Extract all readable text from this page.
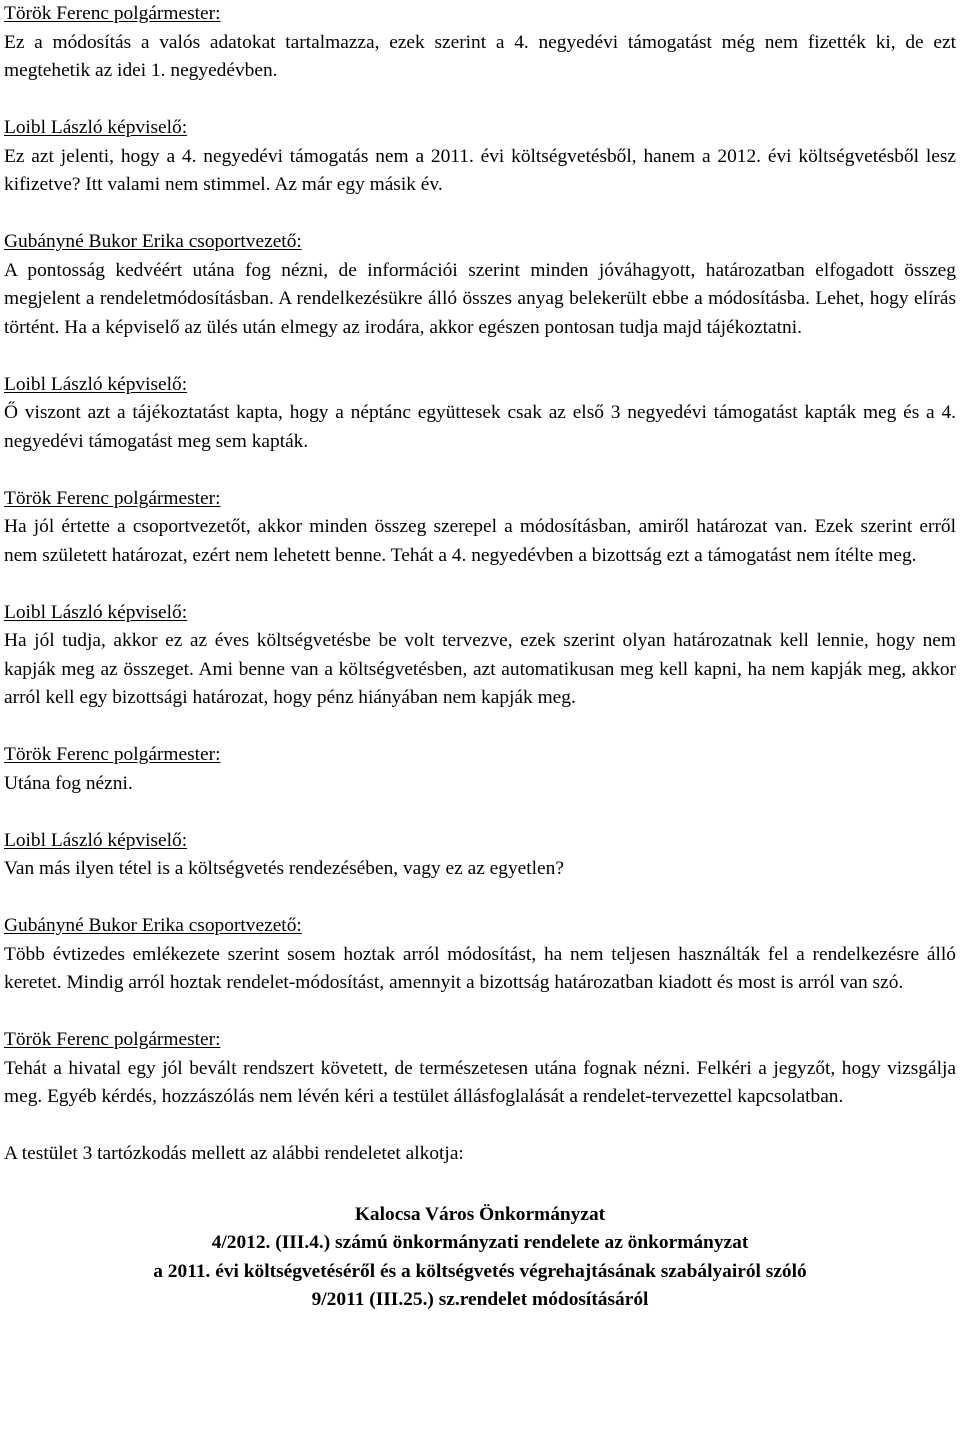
Török Ferenc polgármester:
Ez a módosítás a valós adatokat tartalmazza, ezek szerint a 4. negyedévi támogatást még nem fizették ki, de ezt megtehetik az idei 1. negyedévben.
Loibl László képviselő:
Ez azt jelenti, hogy a 4. negyedévi támogatás nem a 2011. évi költségvetésből, hanem a 2012. évi költségvetésből lesz kifizetve? Itt valami nem stimmel. Az már egy másik év.
Gubányné Bukor Erika csoportvezető:
A pontosság kedvéért utána fog nézni, de információi szerint minden jóváhagyott, határozatban elfogadott összeg megjelent a rendeletmódosításban. A rendelkezésükre álló összes anyag belekerült ebbe a módosításba. Lehet, hogy elírás történt. Ha a képviselő az ülés után elmegy az irodára, akkor egészen pontosan tudja majd tájékoztatni.
Loibl László képviselő:
Ő viszont azt a tájékoztatást kapta, hogy a néptánc együttesek csak az első 3 negyedévi támogatást kapták meg és a 4. negyedévi támogatást meg sem kapták.
Török Ferenc polgármester:
Ha jól értette a csoportvezetőt, akkor minden összeg szerepel a módosításban, amiről határozat van. Ezek szerint erről nem született határozat, ezért nem lehetett benne. Tehát a 4. negyedévben a bizottság ezt a támogatást nem ítélte meg.
Loibl László képviselő:
Ha jól tudja, akkor ez az éves költségvetésbe be volt tervezve, ezek szerint olyan határozatnak kell lennie, hogy nem kapják meg az összeget. Ami benne van a költségvetésben, azt automatikusan meg kell kapni, ha nem kapják meg, akkor arról kell egy bizottsági határozat, hogy pénz hiányában nem kapják meg.
Török Ferenc polgármester:
Utána fog nézni.
Loibl László képviselő:
Van más ilyen tétel is a költségvetés rendezésében, vagy ez az egyetlen?
Gubányné Bukor Erika csoportvezető:
Több évtizedes emlékezete szerint sosem hoztak arról módosítást, ha nem teljesen használták fel a rendelkezésre álló keretet. Mindig arról hoztak rendelet-módosítást, amennyit a bizottság határozatban kiadott és most is arról van szó.
Török Ferenc polgármester:
Tehát a hivatal egy jól bevált rendszert követett, de természetesen utána fognak nézni. Felkéri a jegyzőt, hogy vizsgálja meg. Egyéb kérdés, hozzászólás nem lévén kéri a testület állásfoglalását a rendelet-tervezettel kapcsolatban.
A testület 3 tartózkodás mellett az alábbi rendeletet alkotja:
Kalocsa Város Önkormányzat
4/2012. (III.4.) számú önkormányzati rendelete az önkormányzat
a 2011. évi költségvetéséről és a költségvetés végrehajtásának szabályairól szóló
9/2011 (III.25.) sz.rendelet módosításáról
